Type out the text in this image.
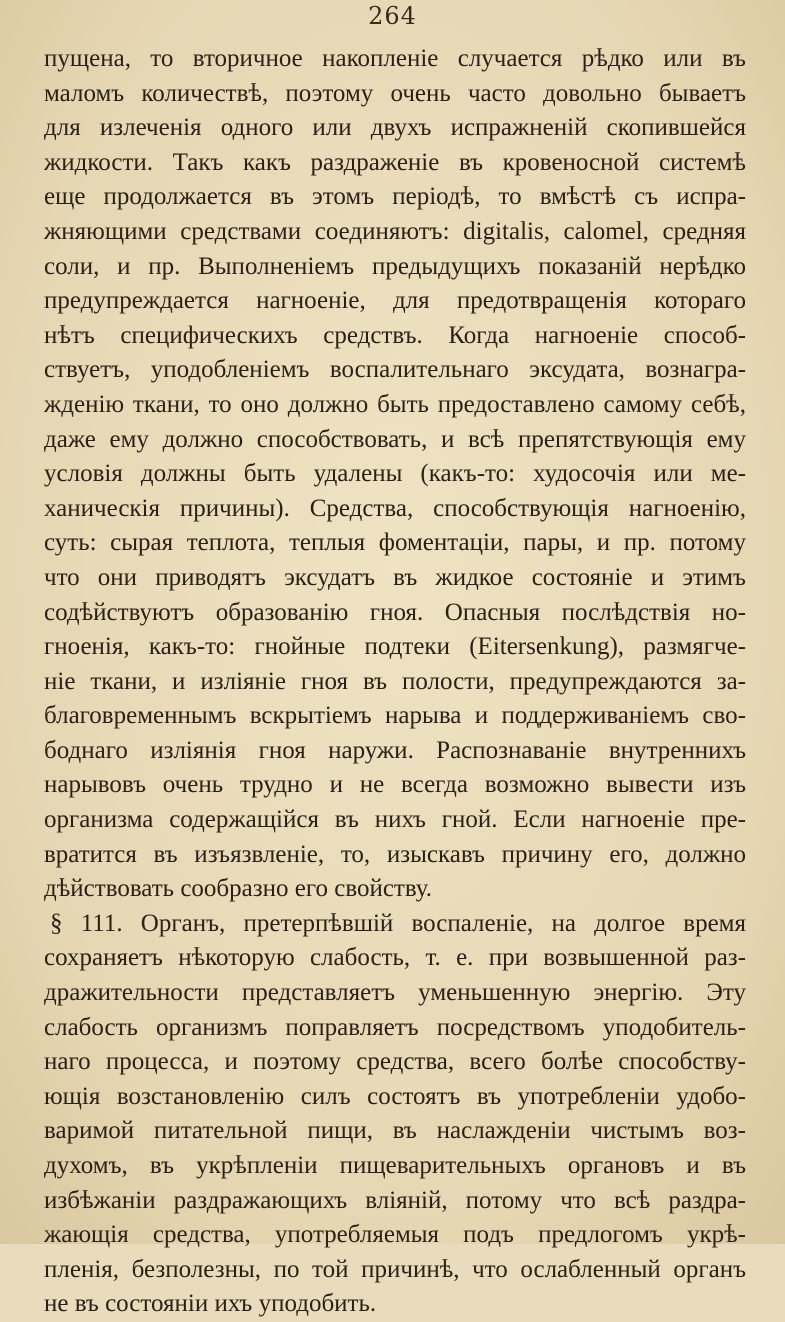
264
пущена, то вторичное накопленіе случается рѣдко или въ
маломъ количествѣ, поэтому очень часто довольно бываетъ
для излеченія одного или двухъ испражненій скопившейся
жидкости. Такъ какъ раздраженіе въ кровеносной системѣ
еще продолжается въ этомъ періодѣ, то вмѣстѣ съ испра-
жняющими средствами соединяютъ: digitalis, calomel, средняя
соли, и пр. Выполненіемъ предыдущихъ показаній нерѣдко
предупреждается нагноеніе, для предотвращенія котораго
нѣтъ специфическихъ средствъ. Когда нагноеніе способ-
ствуетъ, уподобленіемъ воспалительнаго эксудата, вознагра-
жденію ткани, то оно должно быть предоставлено самому себѣ,
даже ему должно способствовать, и всѣ препятствующія ему
условія должны быть удалены (какъ-то: худосочія или ме-
ханическія причины). Средства, способствующія нагноенію,
суть: сырая теплота, теплыя фоментаціи, пары, и пр. потому
что они приводятъ эксудатъ въ жидкое состояніе и этимъ
содѣйствуютъ образованію гноя. Опасныя послѣдствія но-
гноенія, какъ-то: гнойные подтеки (Eitersenkung), размягче-
ніе ткани, и изліяніе гноя въ полости, предупреждаются за-
благовременнымъ вскрытіемъ нарыва и поддерживаніемъ сво-
боднаго изліянія гноя наружи. Распознаваніе внутреннихъ
нарывовъ очень трудно и не всегда возможно вывести изъ
организма содержащійся въ нихъ гной. Если нагноеніе пре-
вратится въ изъязвленіе, то, изыскавъ причину его, должно
дѣйствовать сообразно его свойству.
§ 111. Органъ, претерпѣвшій воспаленіе, на долгое время
сохраняетъ нѣкоторую слабость, т. е. при возвышенной раз-
дражительности представляетъ уменьшенную энергію. Эту
слабость организмъ поправляетъ посредствомъ уподобитель-
наго процесса, и поэтому средства, всего болѣе способству-
ющія возстановленію силъ состоятъ въ употребленіи удобо-
варимой питательной пищи, въ наслажденіи чистымъ воз-
духомъ, въ укрѣпленіи пищеварительныхъ органовъ и въ
избѣжаніи раздражающихъ вліяній, потому что всѣ раздра-
жающія средства, употребляемыя подъ предлогомъ укрѣ-
пленія, безполезны, по той причинѣ, что ослабленный органъ
не въ состояніи ихъ уподобить.
